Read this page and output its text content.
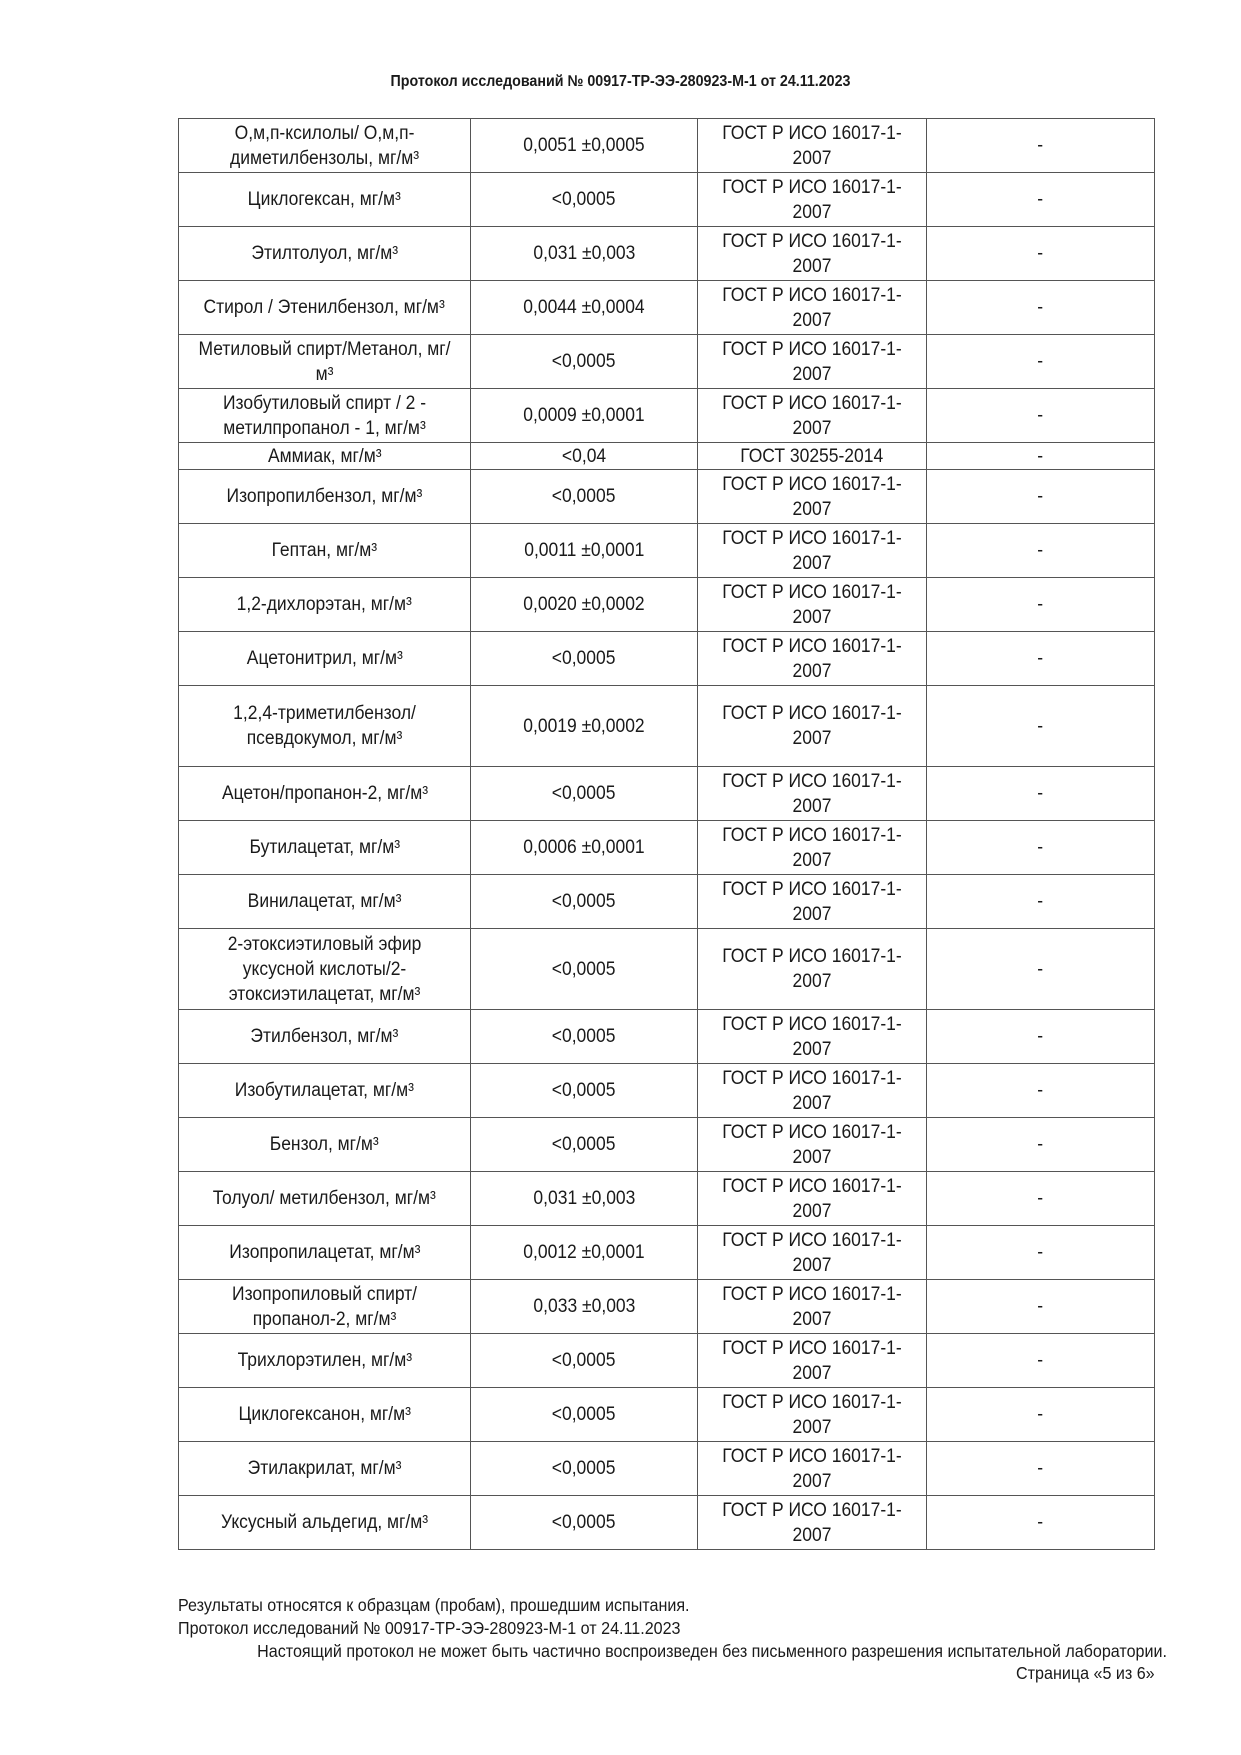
Протокол исследований № 00917-ТР-ЭЭ-280923-М-1 от 24.11.2023
О,м,п-ксилолы/ О,м,п-диметилбензолы, мг/м³	0,0051 ±0,0005	ГОСТ Р ИСО 16017-1-2007	-
Циклогексан, мг/м³	<0,0005	ГОСТ Р ИСО 16017-1-2007	-
Этилтолуол, мг/м³	0,031 ±0,003	ГОСТ Р ИСО 16017-1-2007	-
Стирол / Этенилбензол, мг/м³	0,0044 ±0,0004	ГОСТ Р ИСО 16017-1-2007	-
Метиловый спирт/Метанол, мг/м³	<0,0005	ГОСТ Р ИСО 16017-1-2007	-
Изобутиловый спирт / 2 - метилпропанол - 1, мг/м³	0,0009 ±0,0001	ГОСТ Р ИСО 16017-1-2007	-
Аммиак, мг/м³	<0,04	ГОСТ 30255-2014	-
Изопропилбензол, мг/м³	<0,0005	ГОСТ Р ИСО 16017-1-2007	-
Гептан, мг/м³	0,0011 ±0,0001	ГОСТ Р ИСО 16017-1-2007	-
1,2-дихлорэтан, мг/м³	0,0020 ±0,0002	ГОСТ Р ИСО 16017-1-2007	-
Ацетонитрил, мг/м³	<0,0005	ГОСТ Р ИСО 16017-1-2007	-
1,2,4-триметилбензол/псевдокумол, мг/м³	0,0019 ±0,0002	ГОСТ Р ИСО 16017-1-2007	-
Ацетон/пропанон-2, мг/м³	<0,0005	ГОСТ Р ИСО 16017-1-2007	-
Бутилацетат, мг/м³	0,0006 ±0,0001	ГОСТ Р ИСО 16017-1-2007	-
Винилацетат, мг/м³	<0,0005	ГОСТ Р ИСО 16017-1-2007	-
2-этоксиэтиловый эфир уксусной кислоты/2-этоксиэтилацетат, мг/м³	<0,0005	ГОСТ Р ИСО 16017-1-2007	-
Этилбензол, мг/м³	<0,0005	ГОСТ Р ИСО 16017-1-2007	-
Изобутилацетат, мг/м³	<0,0005	ГОСТ Р ИСО 16017-1-2007	-
Бензол, мг/м³	<0,0005	ГОСТ Р ИСО 16017-1-2007	-
Толуол/ метилбензол, мг/м³	0,031 ±0,003	ГОСТ Р ИСО 16017-1-2007	-
Изопропилацетат, мг/м³	0,0012 ±0,0001	ГОСТ Р ИСО 16017-1-2007	-
Изопропиловый спирт/пропанол-2, мг/м³	0,033 ±0,003	ГОСТ Р ИСО 16017-1-2007	-
Трихлорэтилен, мг/м³	<0,0005	ГОСТ Р ИСО 16017-1-2007	-
Циклогексанон, мг/м³	<0,0005	ГОСТ Р ИСО 16017-1-2007	-
Этилакрилат, мг/м³	<0,0005	ГОСТ Р ИСО 16017-1-2007	-
Уксусный альдегид, мг/м³	<0,0005	ГОСТ Р ИСО 16017-1-2007	-
Результаты относятся к образцам (пробам), прошедшим испытания.
Протокол исследований № 00917-ТР-ЭЭ-280923-М-1 от 24.11.2023
Настоящий протокол не может быть частично воспроизведен без письменного разрешения испытательной лаборатории.
Страница «5 из 6»
